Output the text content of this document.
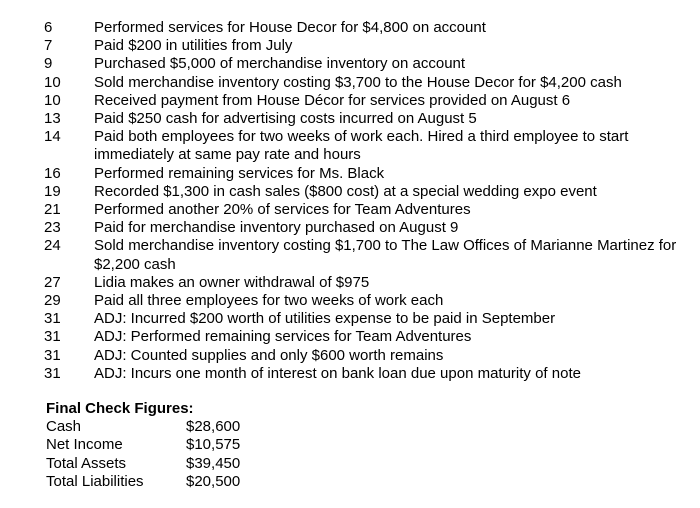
6	Performed services for House Decor for $4,800 on account
7	Paid $200 in utilities from July
9	Purchased $5,000 of merchandise inventory on account
10	Sold merchandise inventory costing $3,700 to the House Decor for $4,200 cash
10	Received payment from House Décor for services provided on August 6
13	Paid $250 cash for advertising costs incurred on August 5
14	Paid both employees for two weeks of work each. Hired a third employee to start immediately at same pay rate and hours
16	Performed remaining services for Ms. Black
19	Recorded $1,300 in cash sales ($800 cost) at a special wedding expo event
21	Performed another 20% of services for Team Adventures
23	Paid for merchandise inventory purchased on August 9
24	Sold merchandise inventory costing $1,700 to The Law Offices of Marianne Martinez for $2,200 cash
27	Lidia makes an owner withdrawal of $975
29	Paid all three employees for two weeks of work each
31	ADJ: Incurred $200 worth of utilities expense to be paid in September
31	ADJ: Performed remaining services for Team Adventures
31	ADJ: Counted supplies and only $600 worth remains
31	ADJ: Incurs one month of interest on bank loan due upon maturity of note
Final Check Figures:
Cash	$28,600
Net Income	$10,575
Total Assets	$39,450
Total Liabilities	$20,500
